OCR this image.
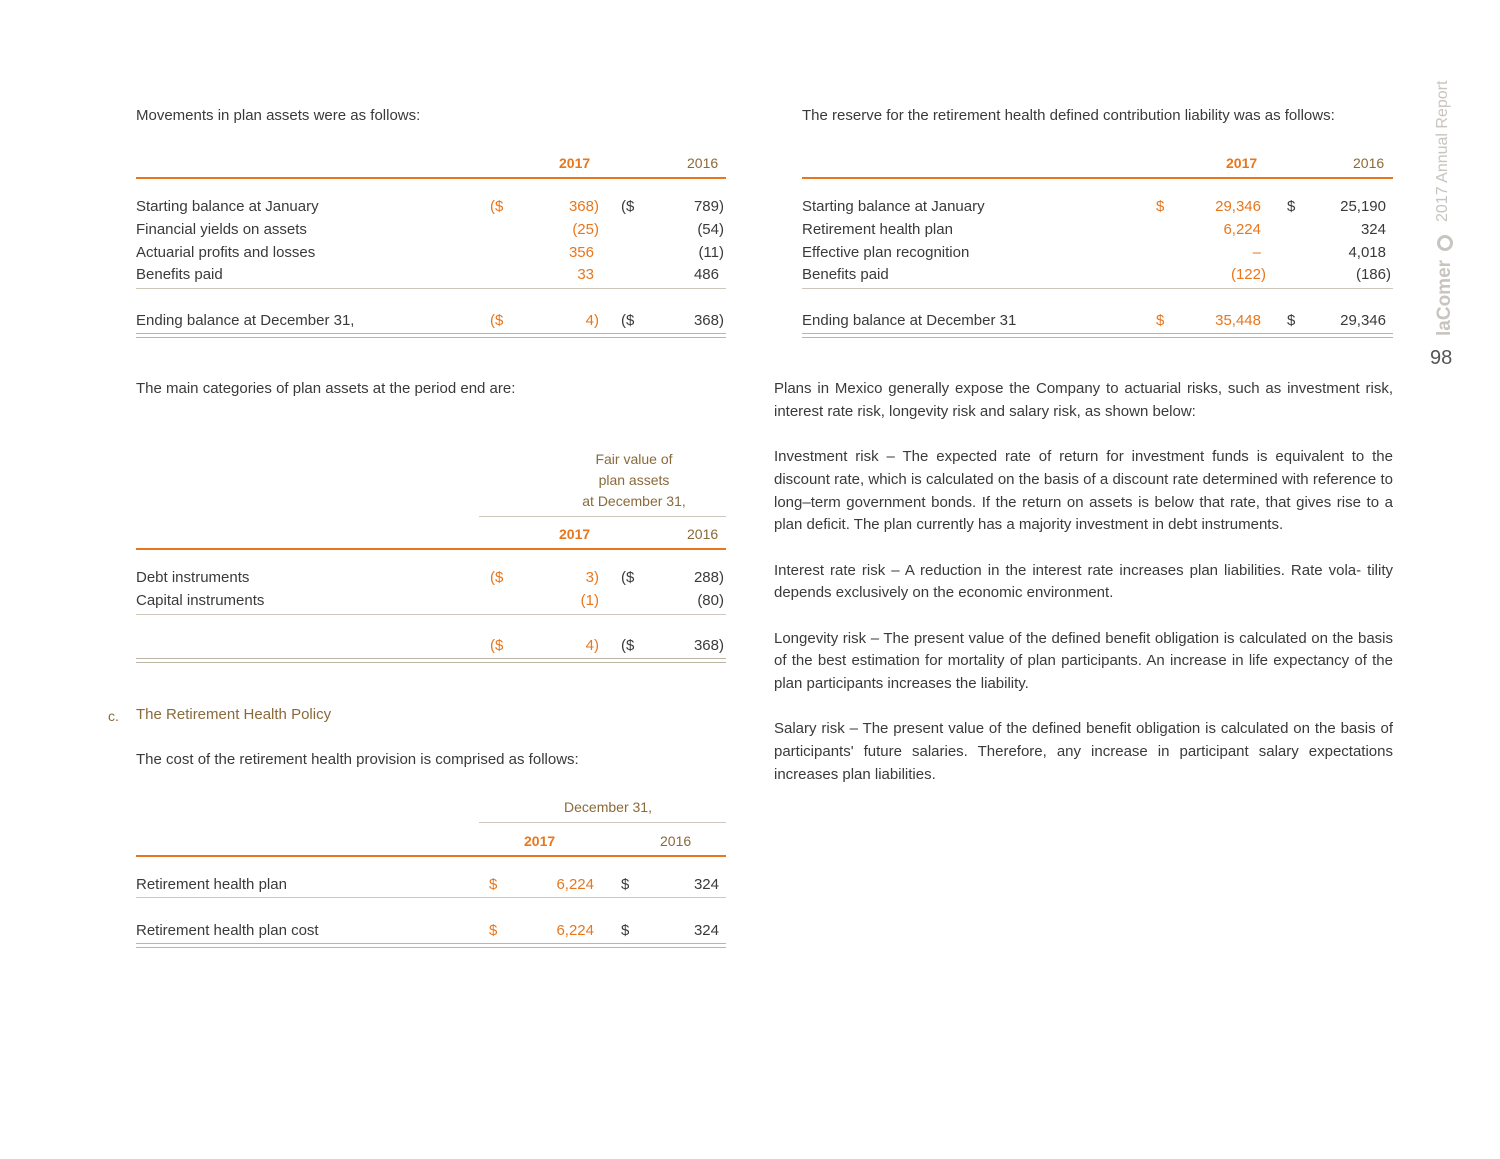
2017 Annual Report
laComer
98
Movements in plan assets were as follows:
2017	2016
Starting balance at January	($	368) ($	789)
Financial yields on assets	(25)	(54)
Actuarial profits and losses	356	(11)
Benefits paid	33	486
Ending balance at December 31,	($	4) ($	368)
The reserve for the retirement health defined contribution liability was as follows:
2017	2016
Starting balance at January	$	29,346 $	25,190
Retirement health plan	6,224	324
Effective plan recognition	–	4,018
Benefits paid	(122)	(186)
Ending balance at December 31	$	35,448 $	29,346
The main categories of plan assets at the period end are:
Fair value of
plan assets
at December 31,
2017	2016
Debt instruments	($	3) ($	288)
Capital instruments	(1)	(80)
($	4) ($	368)
c. The Retirement Health Policy
The cost of the retirement health provision is comprised as follows:
December 31,
2017	2016
Retirement health plan	$	6,224 $	324
Retirement health plan cost	$	6,224 $	324

Plans in Mexico generally expose the Company to actuarial risks, such as investment risk, interest rate risk, longevity risk and salary risk, as shown below:

Investment risk – The expected rate of return for investment funds is equivalent to the discount rate, which is calculated on the basis of a discount rate determined with reference to long–term government bonds. If the return on assets is below that rate, that gives rise to a plan deficit. The plan currently has a majority investment in debt instruments.

Interest rate risk – A reduction in the interest rate increases plan liabilities. Rate vola- tility depends exclusively on the economic environment.

Longevity risk – The present value of the defined benefit obligation is calculated on the basis of the best estimation for mortality of plan participants. An increase in life expectancy of the plan participants increases the liability.

Salary risk – The present value of the defined benefit obligation is calculated on the basis of participants' future salaries. Therefore, any increase in participant salary expectations increases plan liabilities.
